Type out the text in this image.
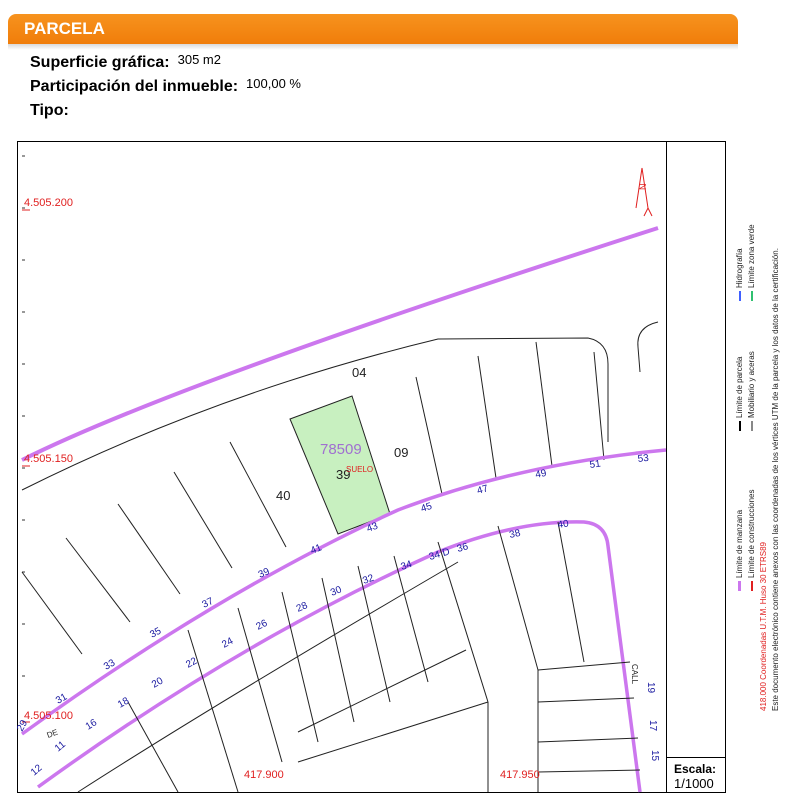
PARCELA
Superficie gráfica: 305 m2
Participación del inmueble: 100,00 %
Tipo:
4.505.200
4.505.150
4.505.100
417.900	417.950
N
78509
39
SUELO
04
09
40
31
33
35
37
39
41
43
45
47
49
51	53
16
18
20
22
24
26
28
30
32
34
34 D 36
38
40
19
17
15
CALL
29
12
11
DE
Límite de manzana
Límite de parcela
Hidrografía
Límite de construcciones
Mobiliario y aceras
Límite zona verde
418.000 Coordenadas U.T.M. Huso 30 ETRS89 Este documento electrónico contiene anexos con las coordenadas de los vértices UTM de la parcela y los datos de la certificación.
Escala:
1/1000
